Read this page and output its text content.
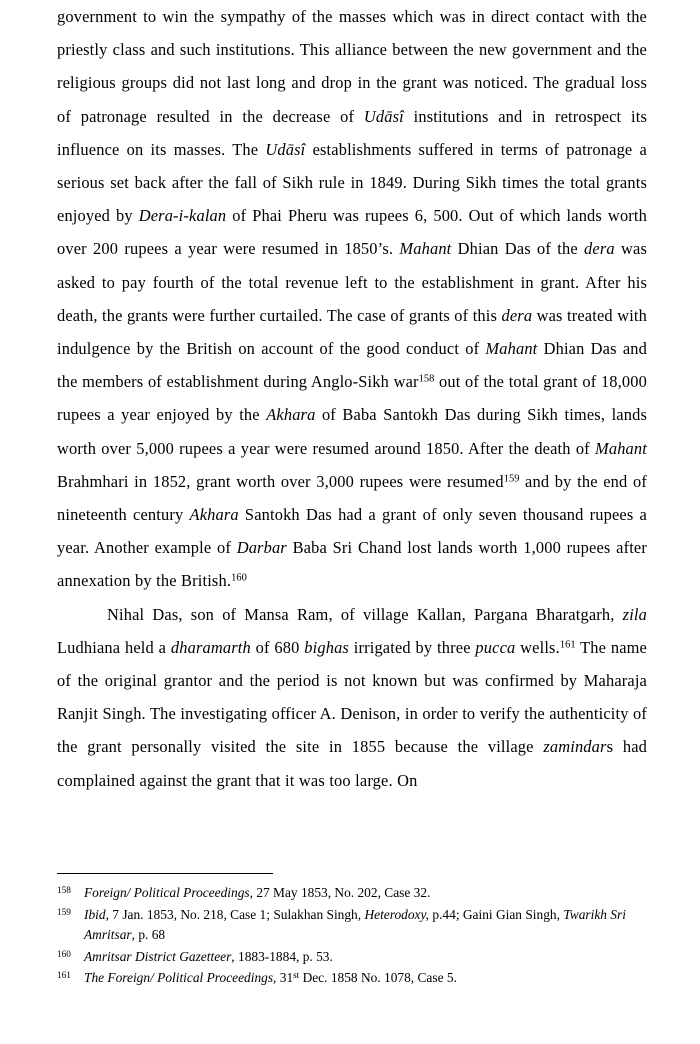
government to win the sympathy of the masses which was in direct contact with the priestly class and such institutions. This alliance between the new government and the religious groups did not last long and drop in the grant was noticed. The gradual loss of patronage resulted in the decrease of Udāsî institutions and in retrospect its influence on its masses. The Udāsî establishments suffered in terms of patronage a serious set back after the fall of Sikh rule in 1849. During Sikh times the total grants enjoyed by Dera-i-kalan of Phai Pheru was rupees 6, 500. Out of which lands worth over 200 rupees a year were resumed in 1850’s. Mahant Dhian Das of the dera was asked to pay fourth of the total revenue left to the establishment in grant. After his death, the grants were further curtailed. The case of grants of this dera was treated with indulgence by the British on account of the good conduct of Mahant Dhian Das and the members of establishment during Anglo-Sikh war$^{158}$ out of the total grant of 18,000 rupees a year enjoyed by the Akhara of Baba Santokh Das during Sikh times, lands worth over 5,000 rupees a year were resumed around 1850. After the death of Mahant Brahmhari in 1852, grant worth over 3,000 rupees were resumed$^{159}$ and by the end of nineteenth century Akhara Santokh Das had a grant of only seven thousand rupees a year. Another example of Darbar Baba Sri Chand lost lands worth 1,000 rupees after annexation by the British.$^{160}$

Nihal Das, son of Mansa Ram, of village Kallan, Pargana Bharatgarh, zila Ludhiana held a dharamarth of 680 bighas irrigated by three pucca wells.$^{161}$ The name of the original grantor and the period is not known but was confirmed by Maharaja Ranjit Singh. The investigating officer A. Denison, in order to verify the authenticity of the grant personally visited the site in 1855 because the village zamindars had complained against the grant that it was too large. On

158 Foreign/ Political Proceedings, 27 May 1853, No. 202, Case 32.
159 Ibid, 7 Jan. 1853, No. 218, Case 1; Sulakhan Singh, Heterodoxy, p.44; Gaini Gian Singh, Twarikh Sri Amritsar, p. 68
160 Amritsar District Gazetteer, 1883-1884, p. 53.
161 The Foreign/ Political Proceedings, 31st Dec. 1858 No. 1078, Case 5.
